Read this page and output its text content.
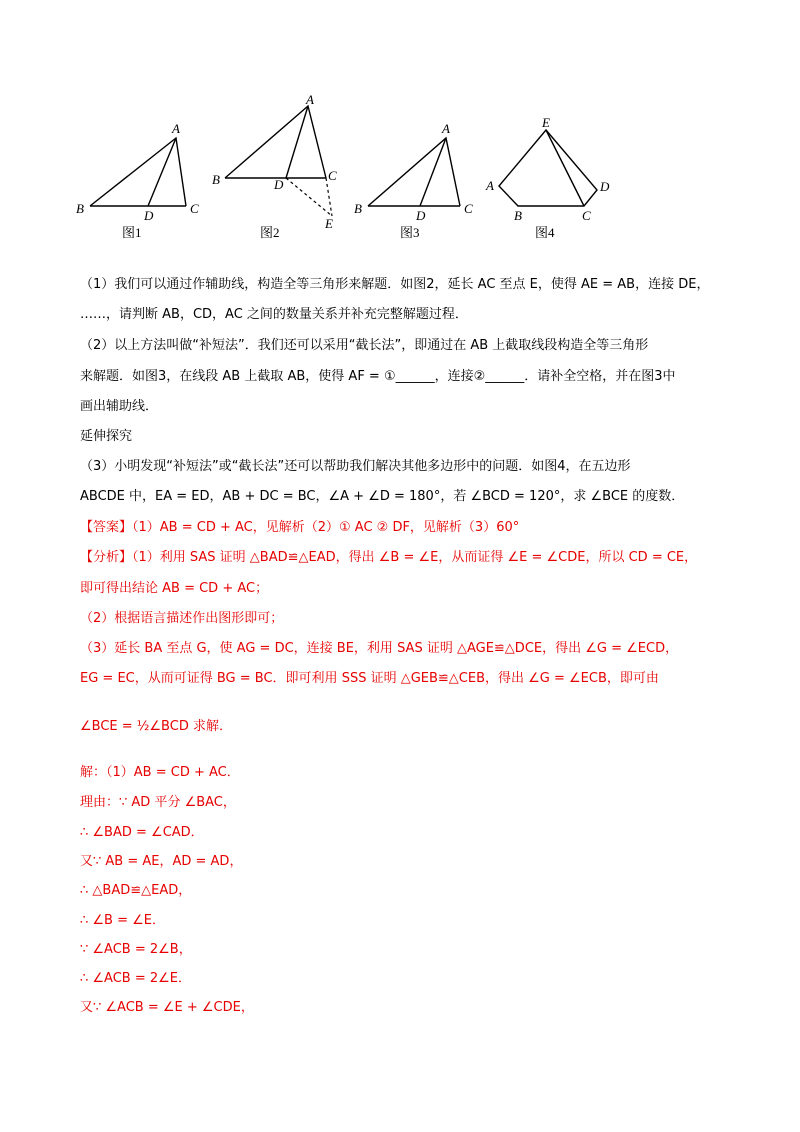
A
B	C
D
图1
A
B	C
D
E
图2
A
B	C
D
图3
A
B	C
D
E
图4
（1）我们可以通过作辅助线，构造全等三角形来解题．如图2，延长 AC 至点 E，使得 AE = AB，连接 DE，
……，请判断 AB，CD，AC 之间的数量关系并补充完整解题过程．
（2）以上方法叫做“补短法”．我们还可以采用“截长法”，即通过在 AB 上截取线段构造全等三角形
来解题．如图3，在线段 AB 上截取 AB，使得 AF = ①______，连接②______．请补全空格，并在图3中
画出辅助线．
延伸探究
（3）小明发现“补短法”或“截长法”还可以帮助我们解决其他多边形中的问题．如图4，在五边形
ABCDE 中，EA = ED，AB + DC = BC，∠A + ∠D = 180°，若 ∠BCD = 120°，求 ∠BCE 的度数．
【答案】（1）AB = CD + AC，见解析（2）① AC ② DF，见解析（3）60°
【分析】（1）利用 SAS 证明 △BAD≌△EAD，得出 ∠B = ∠E，从而证得 ∠E = ∠CDE，所以 CD = CE，
即可得出结论 AB = CD + AC；
（2）根据语言描述作出图形即可；
（3）延长 BA 至点 G，使 AG = DC，连接 BE，利用 SAS 证明 △AGE≌△DCE，得出 ∠G = ∠ECD，
EG = EC，从而可证得 BG = BC．即可利用 SSS 证明 △GEB≌△CEB，得出 ∠G = ∠ECB，即可由
∠BCE = ½∠BCD 求解．
解：（1）AB = CD + AC．
理由：∵ AD 平分 ∠BAC，
∴ ∠BAD = ∠CAD．
又∵ AB = AE，AD = AD，
∴ △BAD≌△EAD，
∴ ∠B = ∠E．
∵ ∠ACB = 2∠B，
∴ ∠ACB = 2∠E．
又∵ ∠ACB = ∠E + ∠CDE，
